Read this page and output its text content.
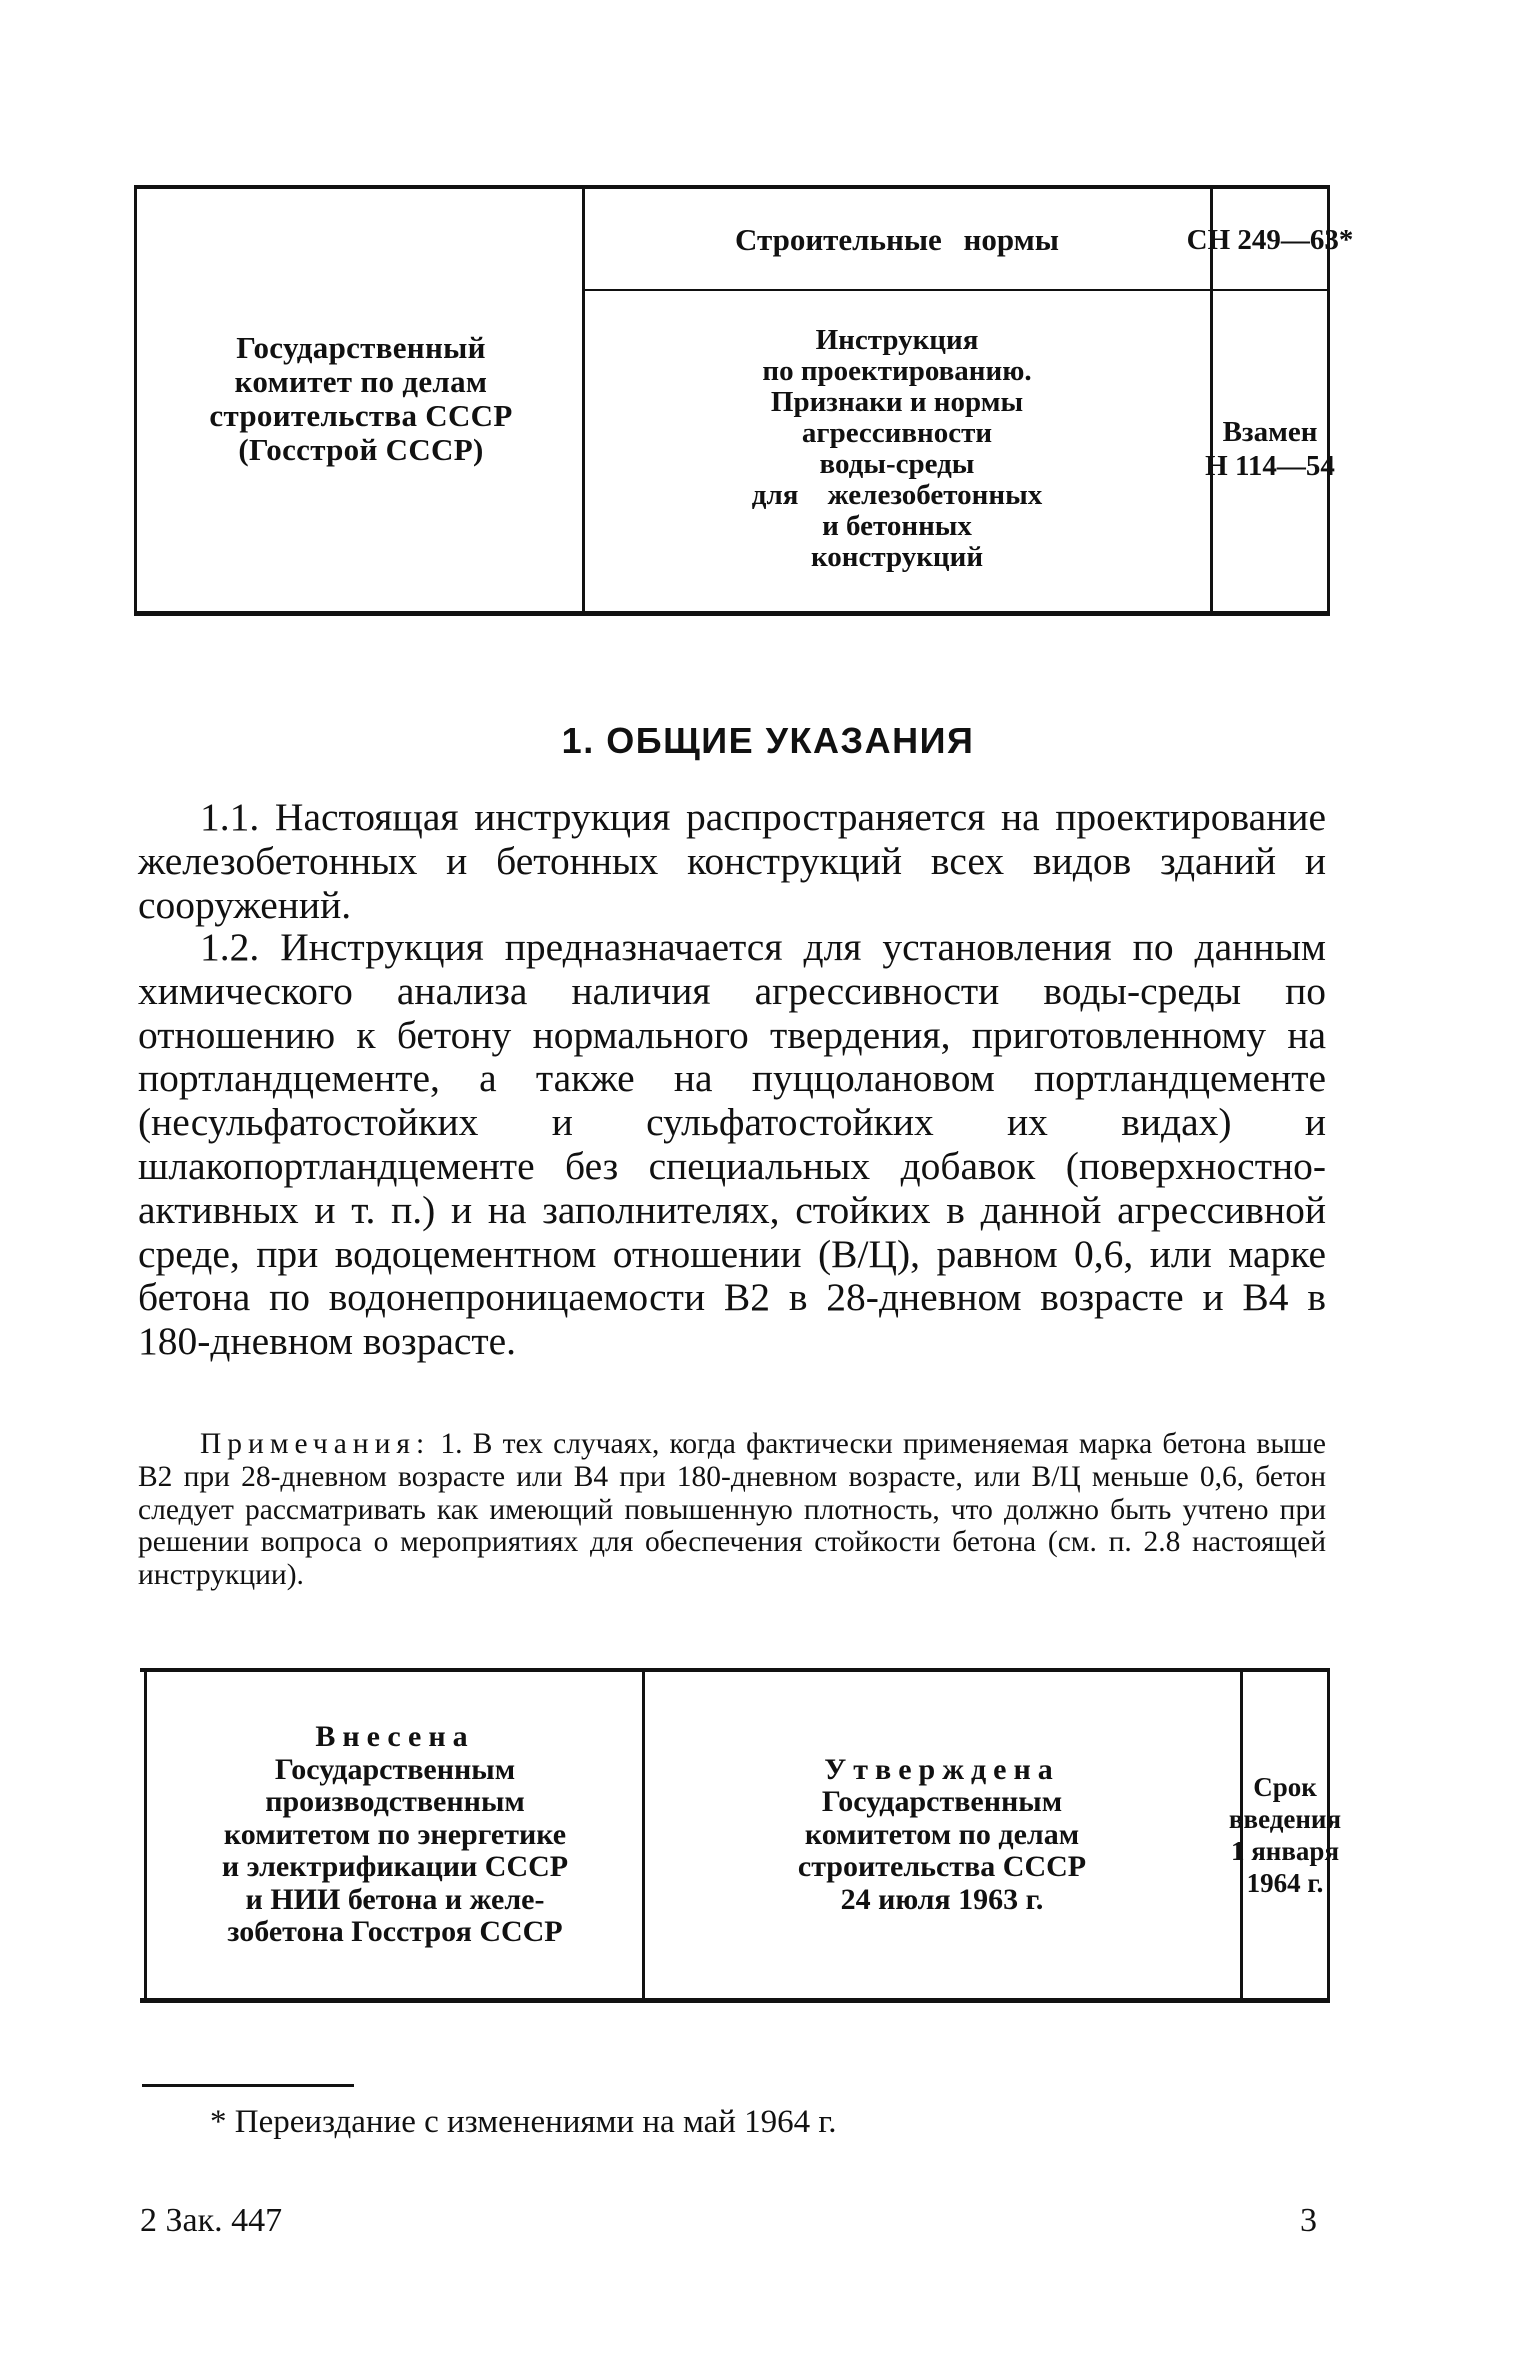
Государственный
комитет по делам
строительства СССР
(Госстрой СССР)
Строительные нормы	СН 249—63*
Инструкция
по проектированию.
Признаки и нормы
агрессивности
воды-среды
для железобетонных
и бетонных
конструкций
Взамен
Н 114—54
1. ОБЩИЕ УКАЗАНИЯ

1.1. Настоящая инструкция распространяется на проектирование железобетонных и бетонных конструкций всех видов зданий и сооружений.

1.2. Инструкция предназначается для установления по данным химического анализа наличия агрессивности воды-среды по отношению к бетону нормального твердения, приготовленному на портландцементе, а также на пуццолановом портландцементе (несульфатостойких и сульфатостойких их видах) и шлакопортландцементе без специальных добавок (поверхностно-активных и т. п.) и на заполнителях, стойких в данной агрессивной среде, при водоцементном отношении (В/Ц), равном 0,6, или марке бетона по водонепроницаемости В2 в 28-дневном возрасте и В4 в 180-дневном возрасте.

Примечания: 1. В тех случаях, когда фактически применяемая марка бетона выше В2 при 28-дневном возрасте или В4 при 180-дневном возрасте, или В/Ц меньше 0,6, бетон следует рассматривать как имеющий повышенную плотность, что должно быть учтено при решении вопроса о мероприятиях для обеспечения стойкости бетона (см. п. 2.8 настоящей инструкции).

Внесена
Государственным
производственным
комитетом по энергетике
и электрификации СССР
и НИИ бетона и желе-
зобетона Госстроя СССР
Утверждена
Государственным
комитетом по делам
строительства СССР
24 июля 1963 г.
Срок
введения
1 января
1964 г.
* Переиздание с изменениями на май 1964 г.
2 Зак. 447	3
